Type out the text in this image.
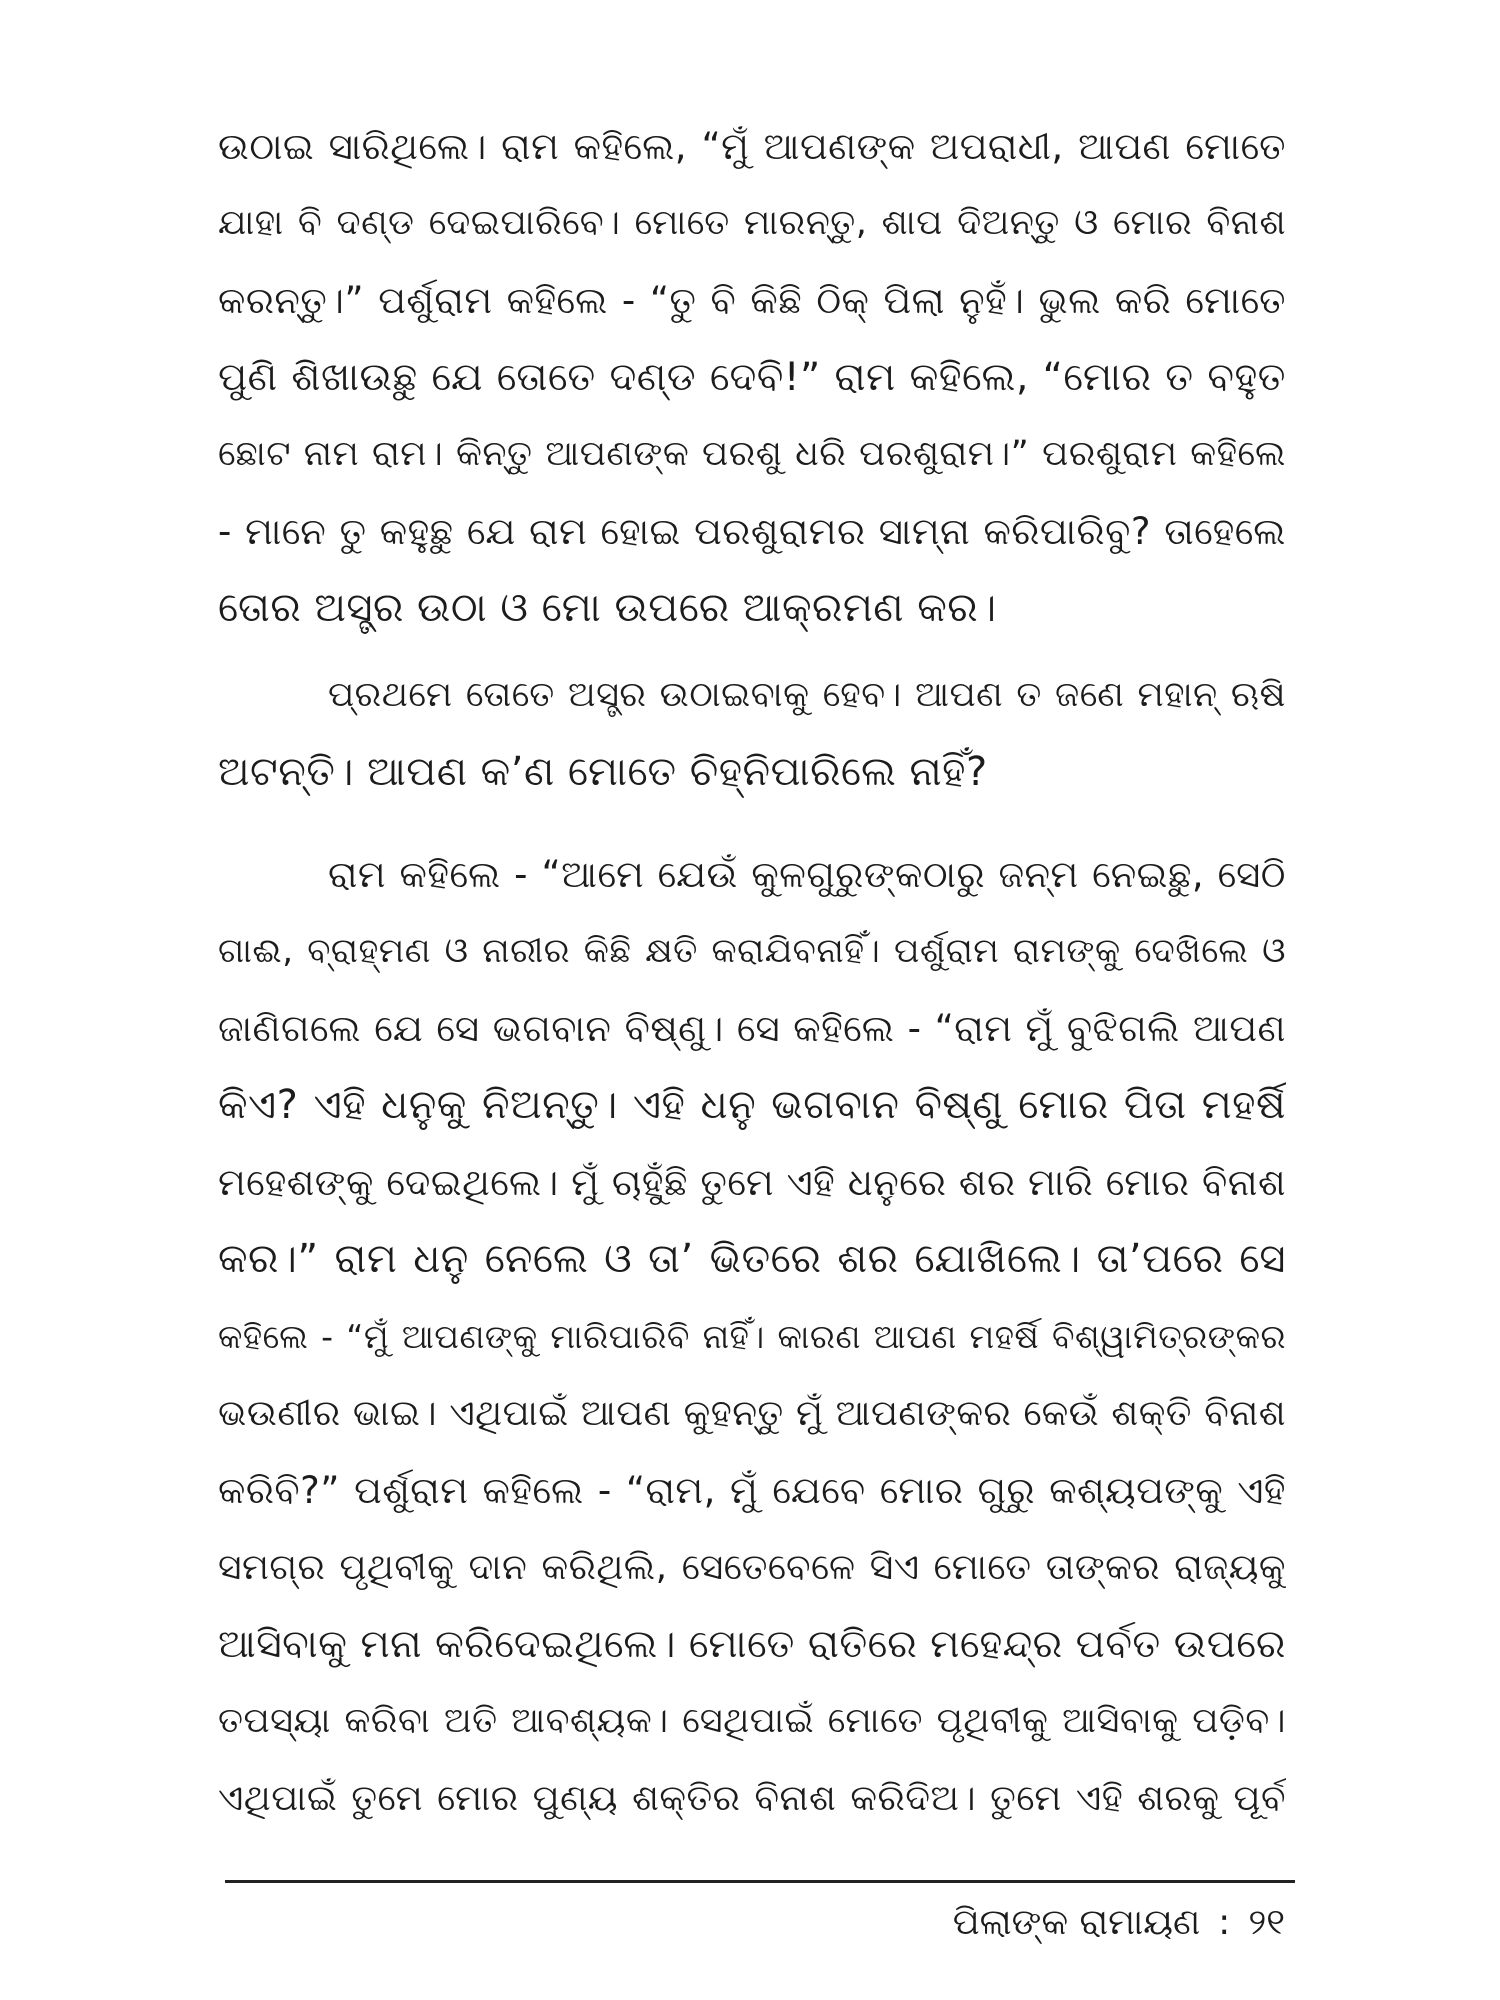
ଉଠାଇ ସାରିଥିଲେ। ରାମ କହିଲେ, “ମୁଁ ଆପଣଙ୍କ ଅପରାଧୀ, ଆପଣ ମୋତେ
ଯାହା ବି ଦଣ୍ଡ ଦେଇପାରିବେ। ମୋତେ ମାରନ୍ତୁ, ଶାପ ଦିଅନ୍ତୁ ଓ ମୋର ବିନାଶ
କରନ୍ତୁ।” ପର୍ଶୁରାମ କହିଲେ - “ତୁ ବି କିଛି ଠିକ୍ ପିଲା ନୁହଁ। ଭୁଲ କରି ମୋତେ
ପୁଣି ଶିଖାଉଛୁ ଯେ ତୋତେ ଦଣ୍ଡ ଦେବି!” ରାମ କହିଲେ, “ମୋର ତ ବହୁତ
ଛୋଟ ନାମ ରାମ। କିନ୍ତୁ ଆପଣଙ୍କ ପରଶୁ ଧରି ପରଶୁରାମ।” ପରଶୁରାମ କହିଲେ
- ମାନେ ତୁ କହୁଛୁ ଯେ ରାମ ହୋଇ ପରଶୁରାମର ସାମ୍ନା କରିପାରିବୁ? ତାହେଲେ
ତୋର ଅସ୍ତ୍ର ଉଠା ଓ ମୋ ଉପରେ ଆକ୍ରମଣ କର।
ପ୍ରଥମେ ତୋତେ ଅସ୍ତ୍ର ଉଠାଇବାକୁ ହେବ। ଆପଣ ତ ଜଣେ ମହାନ୍ ଋଷି
ଅଟନ୍ତି। ଆପଣ କ’ଣ ମୋତେ ଚିହ୍ନିପାରିଲେ ନାହିଁ?
ରାମ କହିଲେ - “ଆମେ ଯେଉଁ କୁଳଗୁରୁଙ୍କଠାରୁ ଜନ୍ମ ନେଇଛୁ, ସେଠି
ଗାଈ, ବ୍ରାହ୍ମଣ ଓ ନାରୀର କିଛି କ୍ଷତି କରାଯିବନାହିଁ। ପର୍ଶୁରାମ ରାମଙ୍କୁ ଦେଖିଲେ ଓ
ଜାଣିଗଲେ ଯେ ସେ ଭଗବାନ ବିଷ୍ଣୁ। ସେ କହିଲେ - “ରାମ ମୁଁ ବୁଝିଗଲି ଆପଣ
କିଏ? ଏହି ଧନୁକୁ ନିଅନ୍ତୁ। ଏହି ଧନୁ ଭଗବାନ ବିଷ୍ଣୁ ମୋର ପିତା ମହର୍ଷି
ମହେଶଙ୍କୁ ଦେଇଥିଲେ। ମୁଁ ଚାହୁଁଛି ତୁମେ ଏହି ଧନୁରେ ଶର ମାରି ମୋର ବିନାଶ
କର।” ରାମ ଧନୁ ନେଲେ ଓ ତା’ ଭିତରେ ଶର ଯୋଖିଲେ। ତା’ପରେ ସେ
କହିଲେ - “ମୁଁ ଆପଣଙ୍କୁ ମାରିପାରିବି ନାହିଁ। କାରଣ ଆପଣ ମହର୍ଷି ବିଶ୍ୱାମିତ୍ରଙ୍କର
ଭଉଣୀର ଭାଇ। ଏଥିପାଇଁ ଆପଣ କୁହନ୍ତୁ ମୁଁ ଆପଣଙ୍କର କେଉଁ ଶକ୍ତି ବିନାଶ
କରିବି?” ପର୍ଶୁରାମ କହିଲେ - “ରାମ, ମୁଁ ଯେବେ ମୋର ଗୁରୁ କଶ୍ୟପଙ୍କୁ ଏହି
ସମଗ୍ର ପୃଥିବୀକୁ ଦାନ କରିଥିଲି, ସେତେବେଳେ ସିଏ ମୋତେ ତାଙ୍କର ରାଜ୍ୟକୁ
ଆସିବାକୁ ମନା କରିଦେଇଥିଲେ। ମୋତେ ରାତିରେ ମହେନ୍ଦ୍ର ପର୍ବତ ଉପରେ
ତପସ୍ୟା କରିବା ଅତି ଆବଶ୍ୟକ। ସେଥିପାଇଁ ମୋତେ ପୃଥିବୀକୁ ଆସିବାକୁ ପଡ଼ିବ।
ଏଥିପାଇଁ ତୁମେ ମୋର ପୁଣ୍ୟ ଶକ୍ତିର ବିନାଶ କରିଦିଅ। ତୁମେ ଏହି ଶରକୁ ପୂର୍ବ
ପିଲାଙ୍କ ରାମାୟଣ : ୨୧
